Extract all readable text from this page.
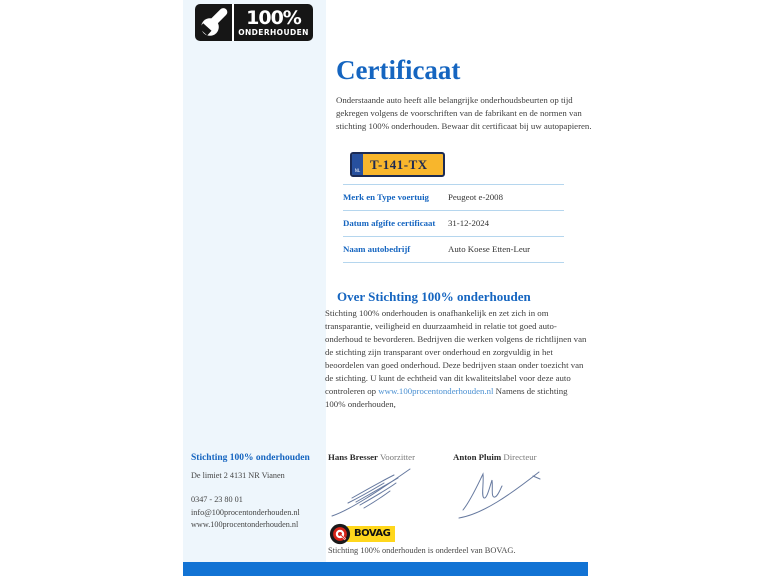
100%
ONDERHOUDEN
Certificaat
Onderstaande auto heeft alle belangrijke onderhoudsbeurten op tijd gekregen volgens de voorschriften van de fabrikant en de normen van stichting 100% onderhouden. Bewaar dit certificaat bij uw autopapieren.
NL T-141-TX
Merk en Type voertuig	Peugeot e-2008
Datum afgifte certificaat	31-12-2024
Naam autobedrijf	Auto Koese Etten-Leur
Over Stichting 100% onderhouden
Stichting 100% onderhouden is onafhankelijk en zet zich in om transparantie, veiligheid en duurzaamheid in relatie tot goed auto-onderhoud te bevorderen. Bedrijven die werken volgens de richtlijnen van de stichting zijn transparant over onderhoud en zorgvuldig in het beoordelen van goed onderhoud. Deze bedrijven staan onder toezicht van de stichting. U kunt de echtheid van dit kwaliteitslabel voor deze auto controleren op www.100procentonderhouden.nl Namens de stichting 100% onderhouden,
Stichting 100% onderhouden
De limiet 2 4131 NR Vianen
0347 - 23 80 01
info@100procentonderhouden.nl
www.100procentonderhouden.nl
Hans Bresser Voorzitter	Anton Pluim Directeur
BOVAG
Stichting 100% onderhouden is onderdeel van BOVAG.
